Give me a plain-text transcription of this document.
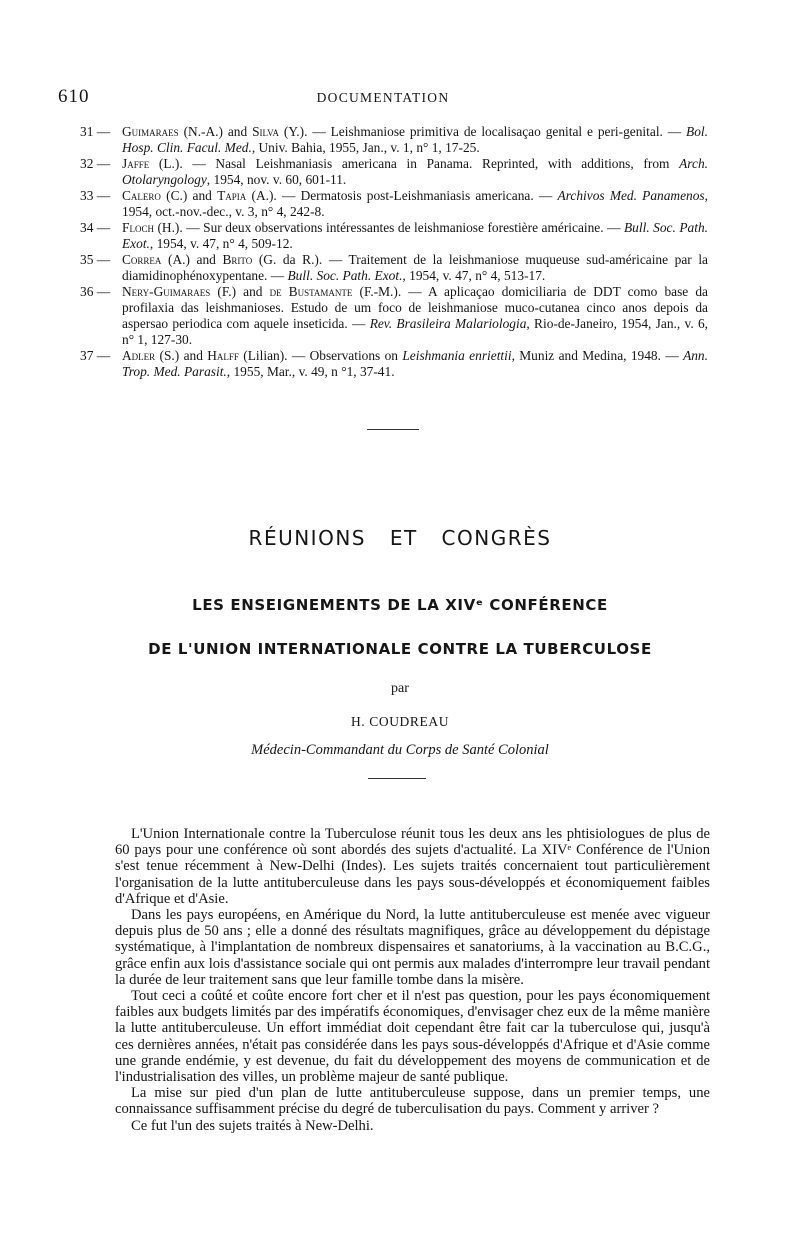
610	DOCUMENTATION
31 — Guimaraes (N.-A.) and Silva (Y.). — Leishmaniose primitiva de localisaçao genital e peri-genital. — Bol. Hosp. Clin. Facul. Med., Univ. Bahia, 1955, Jan., v. 1, n° 1, 17-25.
32 — Jaffe (L.). — Nasal Leishmaniasis americana in Panama. Reprinted, with additions, from Arch. Otolaryngology, 1954, nov. v. 60, 601-11.
33 — Calero (C.) and Tapia (A.). — Dermatosis post-Leishmaniasis americana. — Archivos Med. Panamenos, 1954, oct.-nov.-dec., v. 3, n° 4, 242-8.
34 — Floch (H.). — Sur deux observations intéressantes de leishmaniose forestière américaine. — Bull. Soc. Path. Exot., 1954, v. 47, n° 4, 509-12.
35 — Correa (A.) and Brito (G. da R.). — Traitement de la leishmaniose muqueuse sud-américaine par la diamidinophénoxypentane. — Bull. Soc. Path. Exot., 1954, v. 47, n° 4, 513-17.
36 — Nery-Guimaraes (F.) and de Bustamante (F.-M.). — A aplicaçao domiciliaria de DDT como base da profilaxia das leishmanioses. Estudo de um foco de leishmaniose muco-cutanea cinco anos depois da aspersao periodica com aquele inseticida. — Rev. Brasileira Malariologia, Rio-de-Janeiro, 1954, Jan., v. 6, n° 1, 127-30.
37 — Adler (S.) and Halff (Lilian). — Observations on Leishmania enriettii, Muniz and Medina, 1948. — Ann. Trop. Med. Parasit., 1955, Mar., v. 49, n °1, 37-41.
RÉUNIONS ET CONGRÈS
LES ENSEIGNEMENTS DE LA XIVᵉ CONFÉRENCE
DE L'UNION INTERNATIONALE CONTRE LA TUBERCULOSE
par
H. COUDREAU
Médecin-Commandant du Corps de Santé Colonial

L'Union Internationale contre la Tuberculose réunit tous les deux ans les phtisiologues de plus de 60 pays pour une conférence où sont abordés des sujets d'actualité. La XIVᵉ Conférence de l'Union s'est tenue récemment à New-Delhi (Indes). Les sujets traités concernaient tout particulièrement l'organisation de la lutte antituberculeuse dans les pays sous-développés et économiquement faibles d'Afrique et d'Asie.

Dans les pays européens, en Amérique du Nord, la lutte antituberculeuse est menée avec vigueur depuis plus de 50 ans ; elle a donné des résultats magnifiques, grâce au développement du dépistage systématique, à l'implantation de nombreux dispensaires et sanatoriums, à la vaccination au B.C.G., grâce enfin aux lois d'assistance sociale qui ont permis aux malades d'interrompre leur travail pendant la durée de leur traitement sans que leur famille tombe dans la misère.

Tout ceci a coûté et coûte encore fort cher et il n'est pas question, pour les pays économiquement faibles aux budgets limités par des impératifs économiques, d'envisager chez eux de la même manière la lutte antituberculeuse. Un effort immédiat doit cependant être fait car la tuberculose qui, jusqu'à ces dernières années, n'était pas considérée dans les pays sous-développés d'Afrique et d'Asie comme une grande endémie, y est devenue, du fait du développement des moyens de communication et de l'industrialisation des villes, un problème majeur de santé publique.

La mise sur pied d'un plan de lutte antituberculeuse suppose, dans un premier temps, une connaissance suffisamment précise du degré de tuberculisation du pays. Comment y arriver ?

Ce fut l'un des sujets traités à New-Delhi.
